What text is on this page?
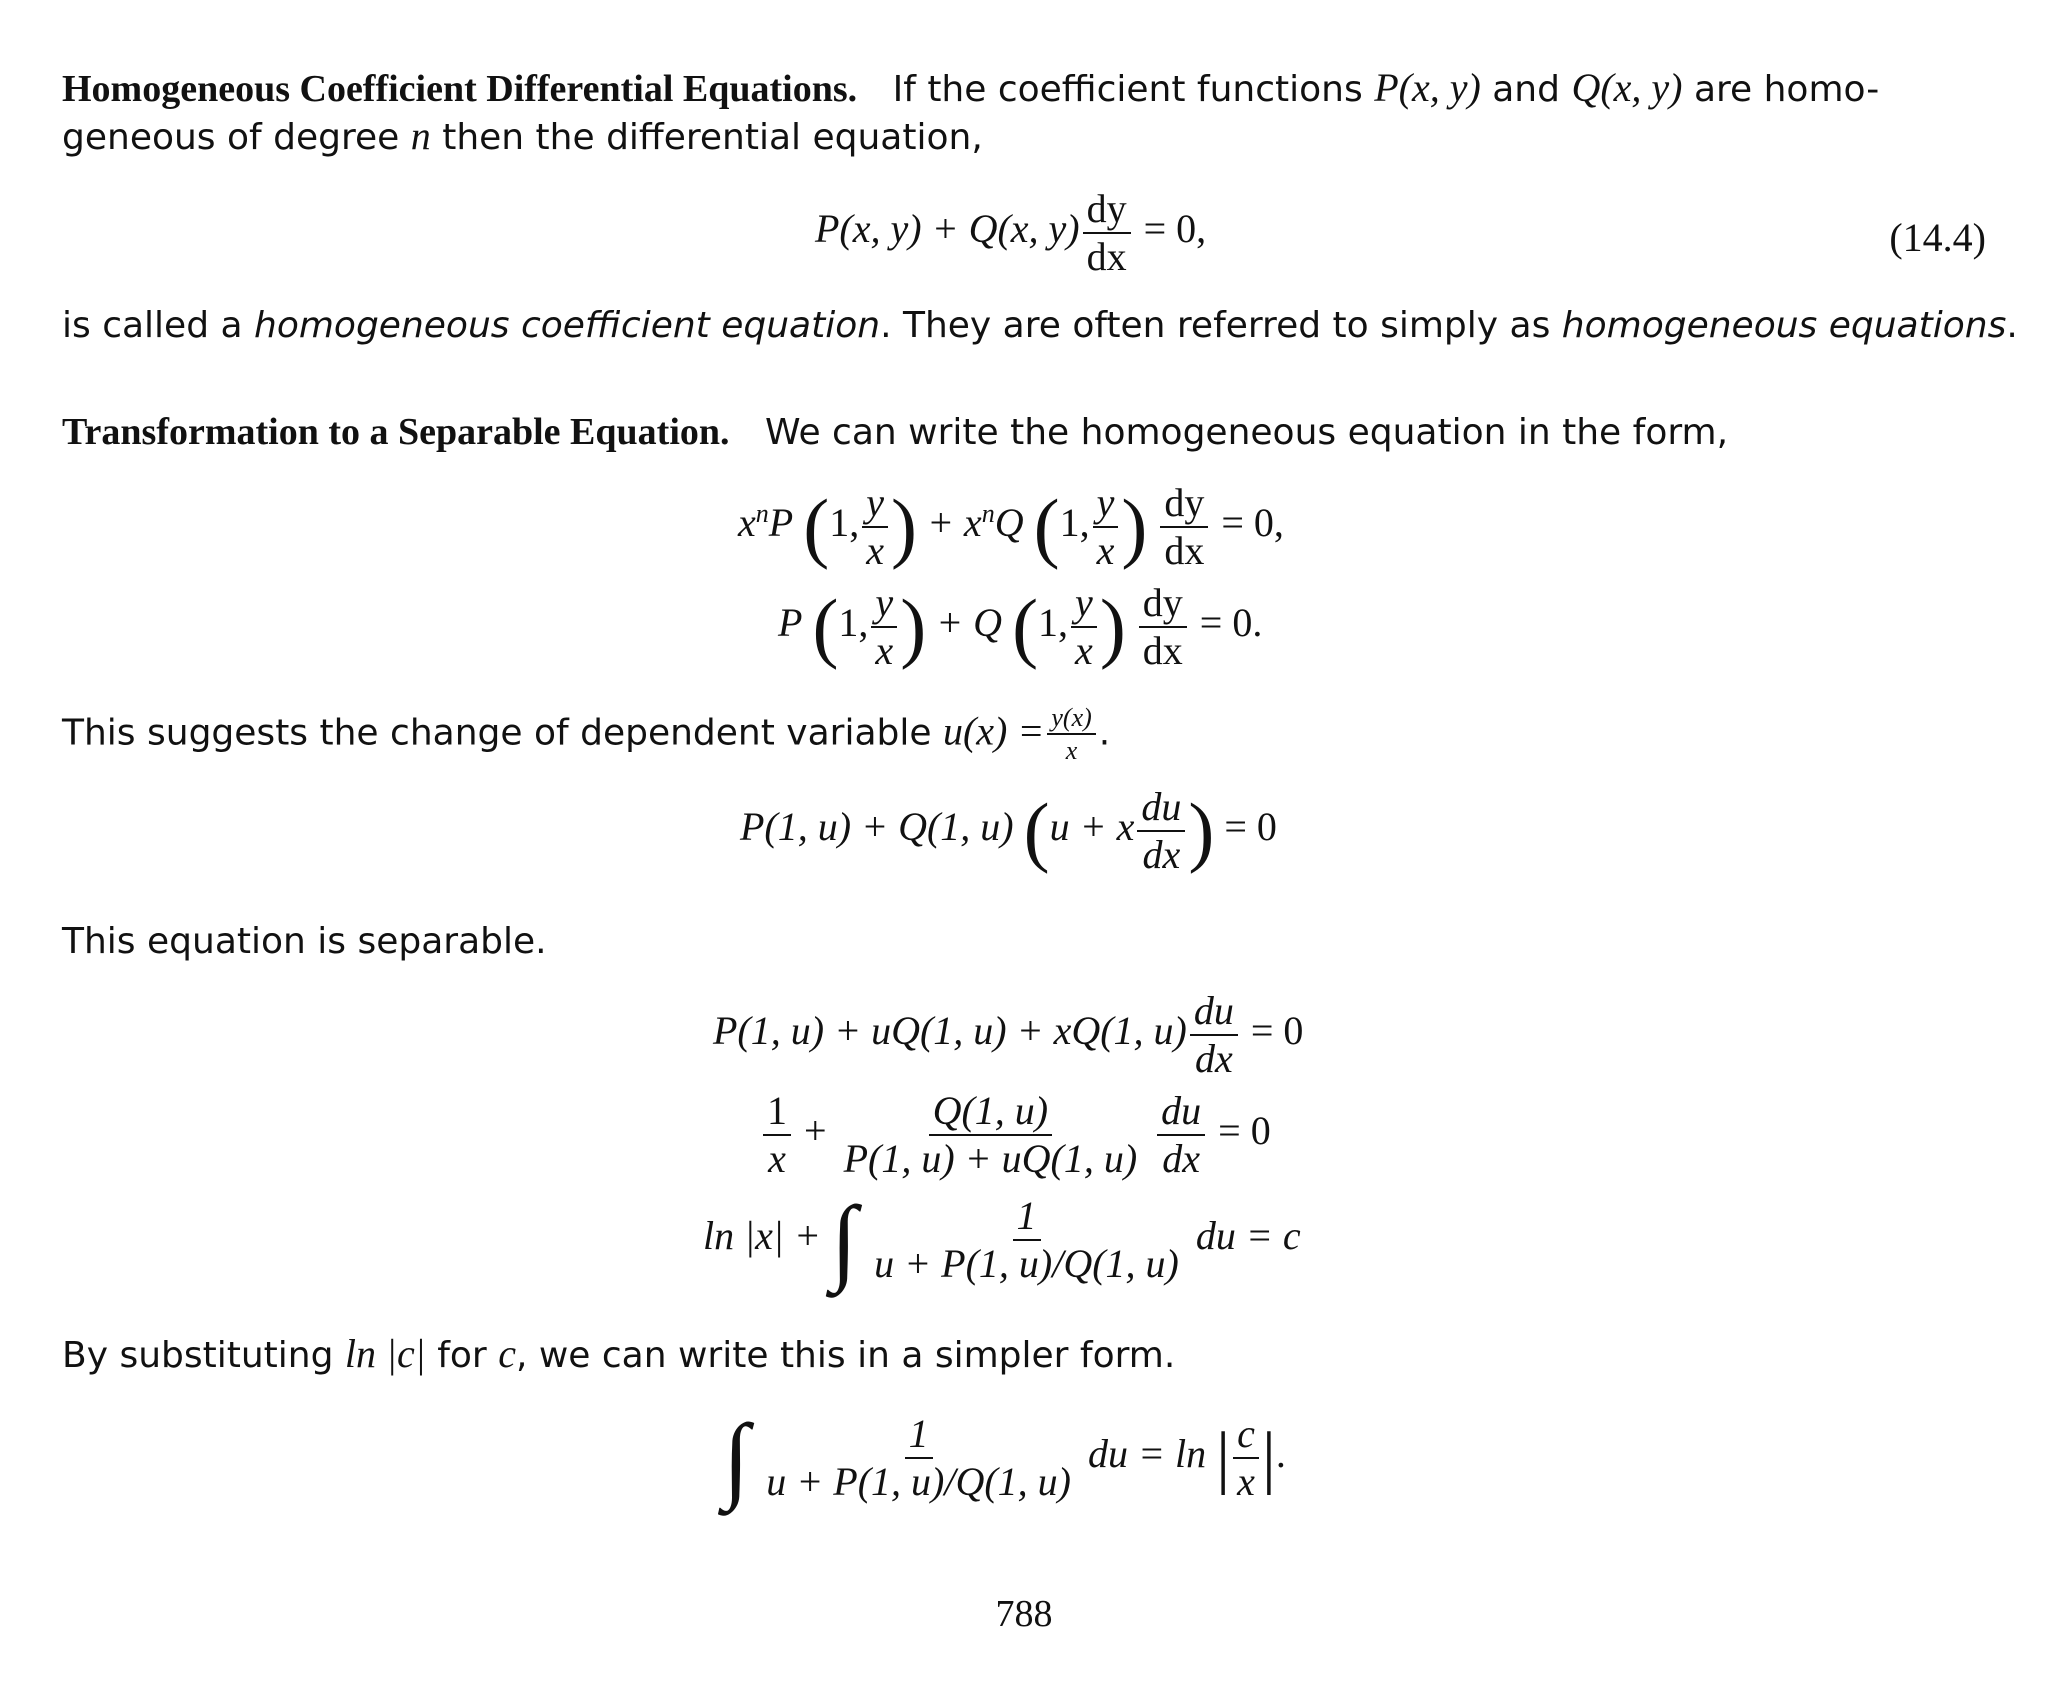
Homogeneous Coefficient Differential Equations. If the coefficient functions P(x, y) and Q(x, y) are homo-
geneous of degree n then the differential equation,
P(x, y) + Q(x, $y) \frac{dy}{dx} = 0$,	(14.4)
is called a homogeneous coefficient equation. They are often referred to simply as homogeneous equations.
Transformation to a Separable Equation. We can write the homogeneous equation in the form,
$x^nP$ (1, $\frac{y}{x}$ ) + $x^nQ$ (1, $\frac{y}{x}$ ) $\frac{dy}{dx} = 0$,
P (1, $\frac{y}{x}$ ) + Q (1, $\frac{y}{x}$ ) $\frac{dy}{dx} = 0$.
This suggests the change of dependent variable $u(x) = \frac{y(x)}{x}$ .
P(1, u) + Q(1, u) (u + x $\frac{du}{dx}$ ) = 0
This equation is separable.
P(1, u) + uQ(1, u) + xQ(1, $u) \frac{du}{dx} = 0$
$\frac{1}{x} + \frac{Q(1, u)}{P(1, u) + uQ(1, u)}$
$\frac{du}{dx} = 0$
ln |x| + ∫ $\frac{1}{u + P(1, u)/Q(1, u)}$ du = c
By substituting ln |c| for c, we can write this in a simpler form.
∫ $\frac{1}{u + P(1, u)/Q(1, u)}$ du = ln | $\frac{c}{x}$ |.
788
